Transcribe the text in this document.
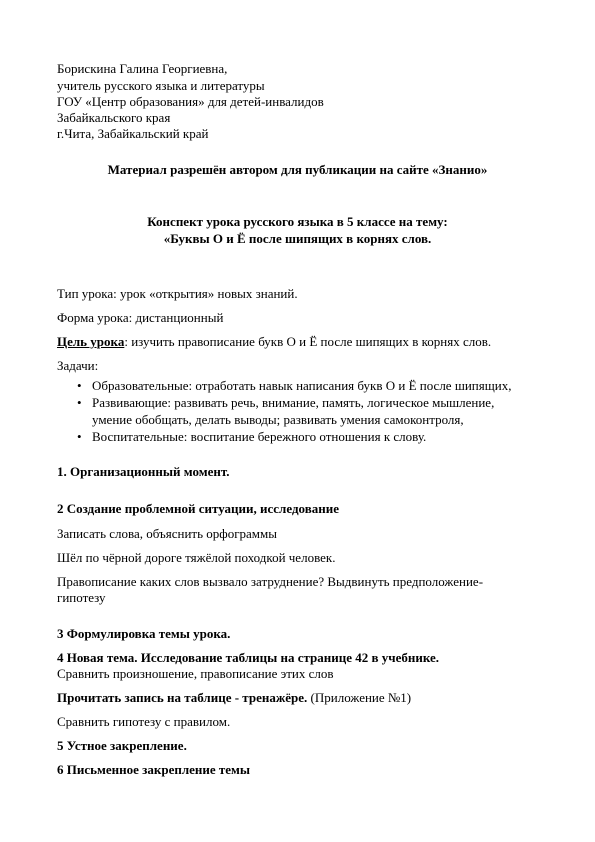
Борискина Галина Георгиевна,
учитель русского языка и литературы
ГОУ «Центр образования» для детей-инвалидов
Забайкальского края
г.Чита, Забайкальский край
Материал разрешён автором для публикации на сайте «Знанио»
Конспект урока русского языка в 5 классе на тему:
«Буквы О и Ё после шипящих в корнях слов.
Тип урока: урок «открытия» новых знаний.
Форма урока: дистанционный
Цель урока: изучить правописание букв О и Ё после шипящих в корнях слов.
Задачи:
• Образовательные: отработать навык написания букв О и Ё после шипящих,
• Развивающие: развивать речь, внимание, память, логическое мышление,
умение обобщать, делать выводы; развивать умения самоконтроля,
• Воспитательные: воспитание бережного отношения к слову.
1. Организационный момент.
2 Создание проблемной ситуации, исследование
Записать слова, объяснить орфограммы
Шёл по чёрной дороге тяжёлой походкой человек.
Правописание каких слов вызвало затруднение? Выдвинуть предположение-
гипотезу
3 Формулировка темы урока.
4 Новая тема. Исследование таблицы на странице 42 в учебнике.
Сравнить произношение, правописание этих слов
Прочитать запись на таблице - тренажёре. (Приложение №1)
Сравнить гипотезу с правилом.
5 Устное закрепление.
6 Письменное закрепление темы
